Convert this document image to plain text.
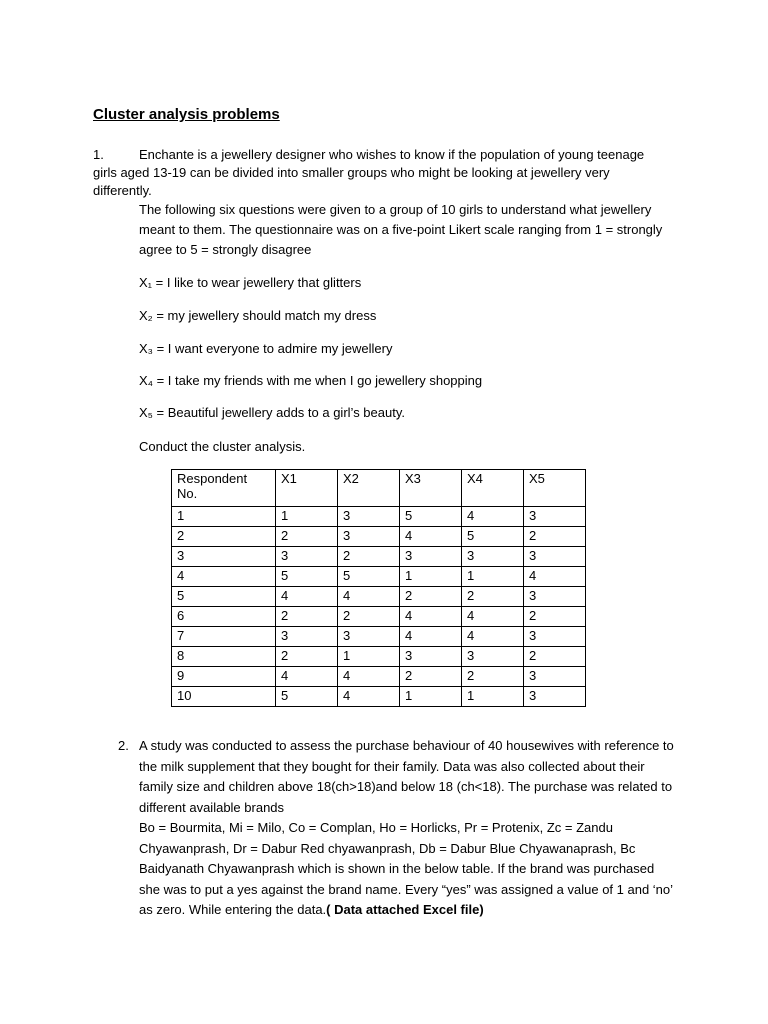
Cluster analysis problems
1.	Enchante is a jewellery designer who wishes to know if the population of young teenage girls aged 13-19 can be divided into smaller groups who might be looking at jewellery very differently.
The following six questions were given to a group of 10 girls to understand what jewellery meant to them. The questionnaire was on a five-point Likert scale ranging from 1 = strongly agree to 5 = strongly disagree
X₁ = I like to wear jewellery that glitters
X₂ = my jewellery should match my dress
X₃ = I want everyone to admire my jewellery
X₄ = I take my friends with me when I go jewellery shopping
X₅ = Beautiful jewellery adds to a girl’s beauty.
Conduct the cluster analysis.
Respondent No.	X1	X2	X3	X4	X5
1	1	3	5	4	3
2	2	3	4	5	2
3	3	2	3	3	3
4	5	5	1	1	4
5	4	4	2	2	3
6	2	2	4	4	2
7	3	3	4	4	3
8	2	1	3	3	2
9	4	4	2	2	3
10	5	4	1	1	3
2. A study was conducted to assess the purchase behaviour of 40 housewives with reference to the milk supplement that they bought for their family. Data was also collected about their family size and children above 18(ch>18)and below 18 (ch<18). The purchase was related to different available brands
Bo = Bourmita, Mi = Milo, Co = Complan, Ho = Horlicks, Pr = Protenix, Zc = Zandu Chyawanprash, Dr = Dabur Red chyawanprash, Db = Dabur Blue Chyawanaprash, Bc Baidyanath Chyawanprash which is shown in the below table. If the brand was purchased she was to put a yes against the brand name. Every “yes” was assigned a value of 1 and ‘no’ as zero. While entering the data.( Data attached Excel file)
